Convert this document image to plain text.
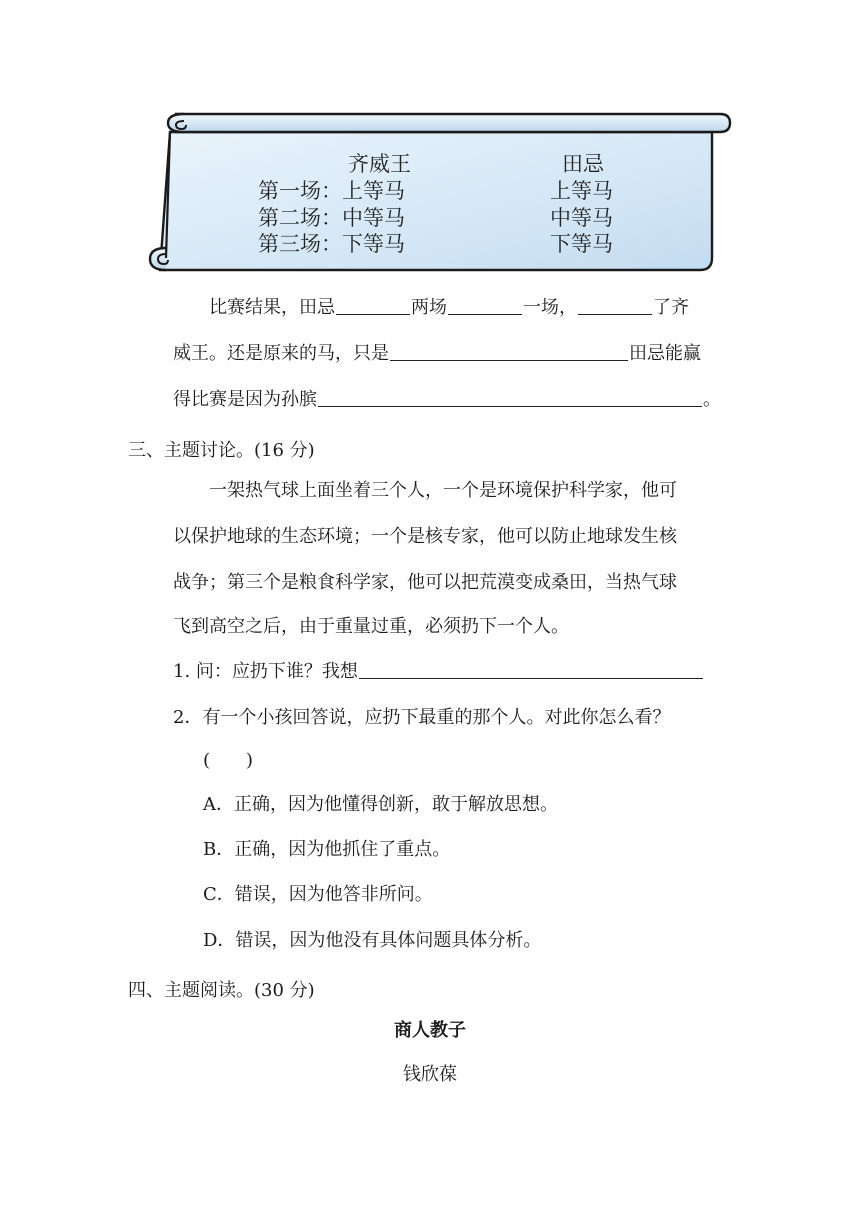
齐威王	田忌
第一场：上等马	上等马
第二场：中等马	中等马
第三场：下等马	下等马
比赛结果，田忌	两场	一场，	了齐
威王。还是原来的马，只是	田忌能赢
得比赛是因为孙膑	。
三、主题讨论。(16 分)
一架热气球上面坐着三个人，一个是环境保护科学家，他可
以保护地球的生态环境；一个是核专家，他可以防止地球发生核
战争；第三个是粮食科学家，他可以把荒漠变成桑田，当热气球
飞到高空之后，由于重量过重，必须扔下一个人。
1. 问：应扔下谁？我想
2．有一个小孩回答说，应扔下最重的那个人。对此你怎么看？
(　　)
A．正确，因为他懂得创新，敢于解放思想。
B．正确，因为他抓住了重点。
C．错误，因为他答非所问。
D．错误，因为他没有具体问题具体分析。
四、主题阅读。(30 分)
商人教子
钱欣葆
